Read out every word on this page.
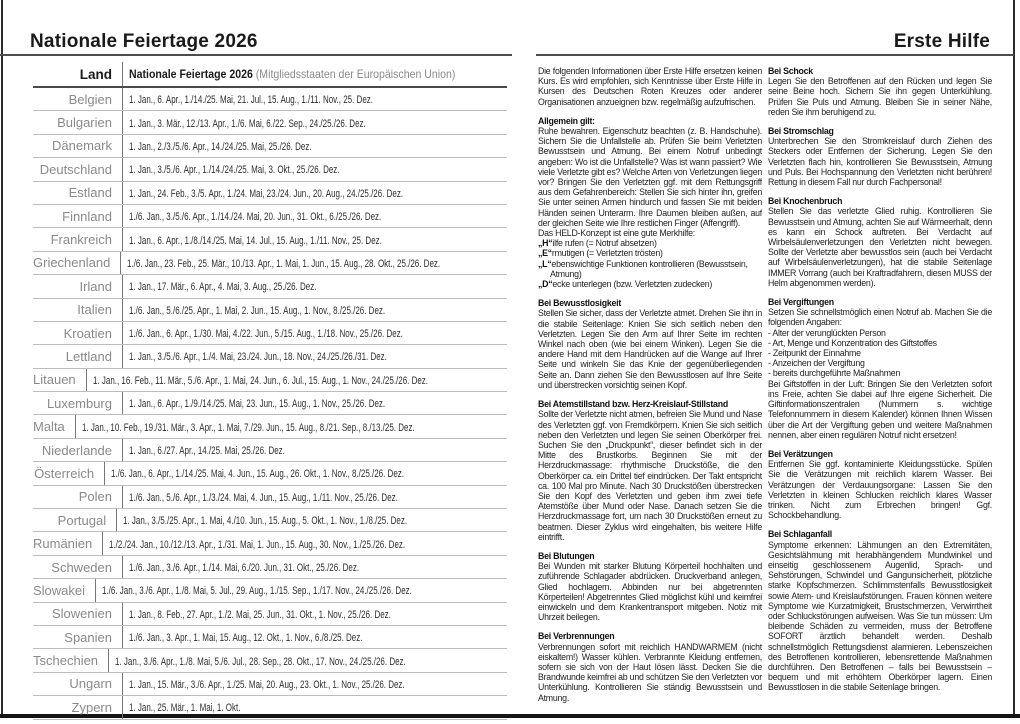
Nationale Feiertage 2026	Erste Hilfe
Land	Nationale Feiertage 2026 (Mitgliedsstaaten der Europäischen Union)
Belgien	1. Jan., 6. Apr., 1./14./25. Mai, 21. Jul., 15. Aug., 1./11. Nov., 25. Dez.
Bulgarien	1. Jan., 3. Mär., 12./13. Apr., 1./6. Mai, 6./22. Sep., 24./25./26. Dez.
Dänemark	1. Jan., 2./3./5./6. Apr., 14./24./25. Mai, 25./26. Dez.
Deutschland	1. Jan., 3./5./6. Apr., 1./14./24./25. Mai, 3. Okt., 25./26. Dez.
Estland	1. Jan., 24. Feb., 3./5. Apr., 1./24. Mai, 23./24. Jun., 20. Aug., 24./25./26. Dez.
Finnland	1./6. Jan., 3./5./6. Apr., 1./14./24. Mai, 20. Jun., 31. Okt., 6./25./26. Dez.
Frankreich	1. Jan., 6. Apr., 1./8./14./25. Mai, 14. Jul., 15. Aug., 1./11. Nov., 25. Dez.
Griechenland	1./6. Jan., 23. Feb., 25. Mär., 10./13. Apr., 1. Mai, 1. Jun., 15. Aug., 28. Okt., 25./26. Dez.
Irland	1. Jan., 17. Mär., 6. Apr., 4. Mai, 3. Aug., 25./26. Dez.
Italien	1./6. Jan., 5./6./25. Apr., 1. Mai, 2. Jun., 15. Aug., 1. Nov., 8./25./26. Dez.
Kroatien	1./6. Jan., 6. Apr., 1./30. Mai, 4./22. Jun., 5./15. Aug., 1./18. Nov., 25./26. Dez.
Lettland	1. Jan., 3./5./6. Apr., 1./4. Mai, 23./24. Jun., 18. Nov., 24./25./26./31. Dez.
Litauen	1. Jan., 16. Feb., 11. Mär., 5./6. Apr., 1. Mai, 24. Jun., 6. Jul., 15. Aug., 1. Nov., 24./25./26. Dez.
Luxemburg	1. Jan., 6. Apr., 1./9./14./25. Mai, 23. Jun., 15. Aug., 1. Nov., 25./26. Dez.
Malta	1. Jan., 10. Feb., 19./31. Mär., 3. Apr., 1. Mai, 7./29. Jun., 15. Aug., 8./21. Sep., 8./13./25. Dez.
Niederlande	1. Jan., 6./27. Apr., 14./25. Mai, 25./26. Dez.
Österreich	1./6. Jan., 6. Apr., 1./14./25. Mai, 4. Jun., 15. Aug., 26. Okt., 1. Nov., 8./25./26. Dez.
Polen	1./6. Jan., 5./6. Apr., 1./3./24. Mai, 4. Jun., 15. Aug., 1./11. Nov., 25./26. Dez.
Portugal	1. Jan., 3./5./25. Apr., 1. Mai, 4./10. Jun., 15. Aug., 5. Okt., 1. Nov., 1./8./25. Dez.
Rumänien	1./2./24. Jan., 10./12./13. Apr., 1./31. Mai, 1. Jun., 15. Aug., 30. Nov., 1./25./26. Dez.
Schweden	1./6. Jan., 3./6. Apr., 1./14. Mai, 6./20. Jun., 31. Okt., 25./26. Dez.
Slowakei	1./6. Jan., 3./6. Apr., 1./8. Mai, 5. Jul., 29. Aug., 1./15. Sep., 1./17. Nov., 24./25./26. Dez.
Slowenien	1. Jan., 8. Feb., 27. Apr., 1./2. Mai, 25. Jun., 31. Okt., 1. Nov., 25./26. Dez.
Spanien	1./6. Jan., 3. Apr., 1. Mai, 15. Aug., 12. Okt., 1. Nov., 6./8./25. Dez.
Tschechien	1. Jan., 3./6. Apr., 1./8. Mai, 5./6. Jul., 28. Sep., 28. Okt., 17. Nov., 24./25./26. Dez.
Ungarn	1. Jan., 15. Mär., 3./6. Apr., 1./25. Mai, 20. Aug., 23. Okt., 1. Nov., 25./26. Dez.
Zypern	1. Jan., 25. Mär., 1. Mai, 1. Okt.
Die folgenden Informationen über Erste Hilfe ersetzen keinen Kurs. Es wird empfohlen, sich Kenntnisse über Erste Hilfe in Kursen des Deutschen Roten Kreuzes oder anderer Organisationen anzueignen bzw. regelmäßig aufzufrischen.
Allgemein gilt:
Ruhe bewahren. Eigenschutz beachten (z. B. Handschuhe). Sichern Sie die Unfallstelle ab. Prüfen Sie beim Verletzten Bewusstsein und Atmung. Bei einem Notruf unbedingt angeben: Wo ist die Unfallstelle? Was ist wann passiert? Wie viele Verletzte gibt es? Welche Arten von Verletzungen liegen vor? Bringen Sie den Verletzten ggf. mit dem Rettungsgriff aus dem Gefahrenbereich: Stellen Sie sich hinter ihn, greifen Sie unter seinen Armen hindurch und fassen Sie mit beiden Händen seinen Unterarm. Ihre Daumen bleiben außen, auf der gleichen Seite wie Ihre restlichen Finger (Affengriff).
Das HELD-Konzept ist eine gute Merkhilfe:
„H“ilfe rufen (= Notruf absetzen)
„E“rmutigen (= Verletzten trösten)
„L“ebenswichtige Funktionen kontrollieren (Bewusstsein, Atmung)
„D“ecke unterlegen (bzw. Verletzten zudecken)
Bei Bewusstlosigkeit
Stellen Sie sicher, dass der Verletzte atmet. Drehen Sie ihn in die stabile Seitenlage: Knien Sie sich seitlich neben den Verletzten. Legen Sie den Arm auf Ihrer Seite im rechten Winkel nach oben (wie bei einem Winken). Legen Sie die andere Hand mit dem Handrücken auf die Wange auf Ihrer Seite und winkeln Sie das Knie der gegenüberliegenden Seite an. Dann ziehen Sie den Bewusstlosen auf Ihre Seite und überstrecken vorsichtig seinen Kopf.
Bei Atemstillstand bzw. Herz-Kreislauf-Stillstand
Sollte der Verletzte nicht atmen, befreien Sie Mund und Nase des Verletzten ggf. von Fremdkörpern. Knien Sie sich seitlich neben den Verletzten und legen Sie seinen Oberkörper frei. Suchen Sie den „Druckpunkt“, dieser befindet sich in der Mitte des Brustkorbs. Beginnen Sie mit der Herzdruckmassage: rhythmische Druckstöße, die den Oberkörper ca. ein Drittel tief eindrücken. Der Takt entspricht ca. 100 Mal pro Minute. Nach 30 Druckstößen überstrecken Sie den Kopf des Verletzten und geben ihm zwei tiefe Atemstöße über Mund oder Nase. Danach setzen Sie die Herzdruckmassage fort, um nach 30 Druckstößen erneut zu beatmen. Dieser Zyklus wird eingehalten, bis weitere Hilfe eintrifft.
Bei Blutungen
Bei Wunden mit starker Blutung Körperteil hochhalten und zuführende Schlagader abdrücken. Druckverband anlegen, Glied hochlagern. Abbinden nur bei abgetrennten Körperteilen! Abgetrenntes Glied möglichst kühl und keimfrei einwickeln und dem Krankentransport mitgeben. Notiz mit Uhrzeit beilegen.
Bei Verbrennungen
Verbrennungen sofort mit reichlich HANDWARMEM (nicht eiskaltem!) Wasser kühlen. Verbrannte Kleidung entfernen, sofern sie sich von der Haut lösen lässt. Decken Sie die Brandwunde keimfrei ab und schützen Sie den Verletzten vor Unterkühlung. Kontrollieren Sie ständig Bewusstsein und Atmung.
Bei Schock
Legen Sie den Betroffenen auf den Rücken und legen Sie seine Beine hoch. Sichern Sie ihn gegen Unterkühlung. Prüfen Sie Puls und Atmung. Bleiben Sie in seiner Nähe, reden Sie ihm beruhigend zu.
Bei Stromschlag
Unterbrechen Sie den Stromkreislauf durch Ziehen des Steckers oder Entfernen der Sicherung. Legen Sie den Verletzten flach hin, kontrollieren Sie Bewusstsein, Atmung und Puls. Bei Hochspannung den Verletzten nicht berühren! Rettung in diesem Fall nur durch Fachpersonal!
Bei Knochenbruch
Stellen Sie das verletzte Glied ruhig. Kontrollieren Sie Bewusstsein und Atmung, achten Sie auf Wärmeerhalt, denn es kann ein Schock auftreten. Bei Verdacht auf Wirbelsäulenverletzungen den Verletzten nicht bewegen. Sollte der Verletzte aber bewusstlos sein (auch bei Verdacht auf Wirbelsäulenverletzungen), hat die stabile Seitenlage IMMER Vorrang (auch bei Kraftradfahrern, diesen MUSS der Helm abgenommen werden).
Bei Vergiftungen
Setzen Sie schnellstmöglich einen Notruf ab. Machen Sie die folgenden Angaben:
- Alter der verunglückten Person
- Art, Menge und Konzentration des Giftstoffes
- Zeitpunkt der Einnahme
- Anzeichen der Vergiftung
- bereits durchgeführte Maßnahmen
Bei Giftstoffen in der Luft: Bringen Sie den Verletzten sofort ins Freie, achten Sie dabei auf Ihre eigene Sicherheit. Die Giftinformationszentralen (Nummern s. wichtige Telefonnummern in diesem Kalender) können Ihnen Wissen über die Art der Vergiftung geben und weitere Maßnahmen nennen, aber einen regulären Notruf nicht ersetzen!
Bei Verätzungen
Entfernen Sie ggf. kontaminierte Kleidungsstücke. Spülen Sie die Verätzungen mit reichlich klarem Wasser. Bei Verätzungen der Verdauungsorgane: Lassen Sie den Verletzten in kleinen Schlucken reichlich klares Wasser trinken. Nicht zum Erbrechen bringen! Ggf. Schockbehandlung.
Bei Schlaganfall
Symptome erkennen: Lähmungen an den Extremitäten, Gesichtslähmung mit herabhängendem Mundwinkel und einseitig geschlossenem Augenlid, Sprach- und Sehstörungen, Schwindel und Gangunsicherheit, plötzliche starke Kopfschmerzen. Schlimmstenfalls Bewusstlosigkeit sowie Atem- und Kreislaufstörungen. Frauen können weitere Symptome wie Kurzatmigkeit, Brustschmerzen, Verwirrtheit oder Schluckstörungen aufweisen. Was Sie tun müssen: Um bleibende Schäden zu vermeiden, muss der Betroffene SOFORT ärztlich behandelt werden. Deshalb schnellstmöglich Rettungsdienst alarmieren. Lebenszeichen des Betroffenen kontrollieren, lebensrettende Maßnahmen durchführen. Den Betroffenen – falls bei Bewusstsein – bequem und mit erhöhtem Oberkörper lagern. Einen Bewusstlosen in die stabile Seitenlage bringen.
